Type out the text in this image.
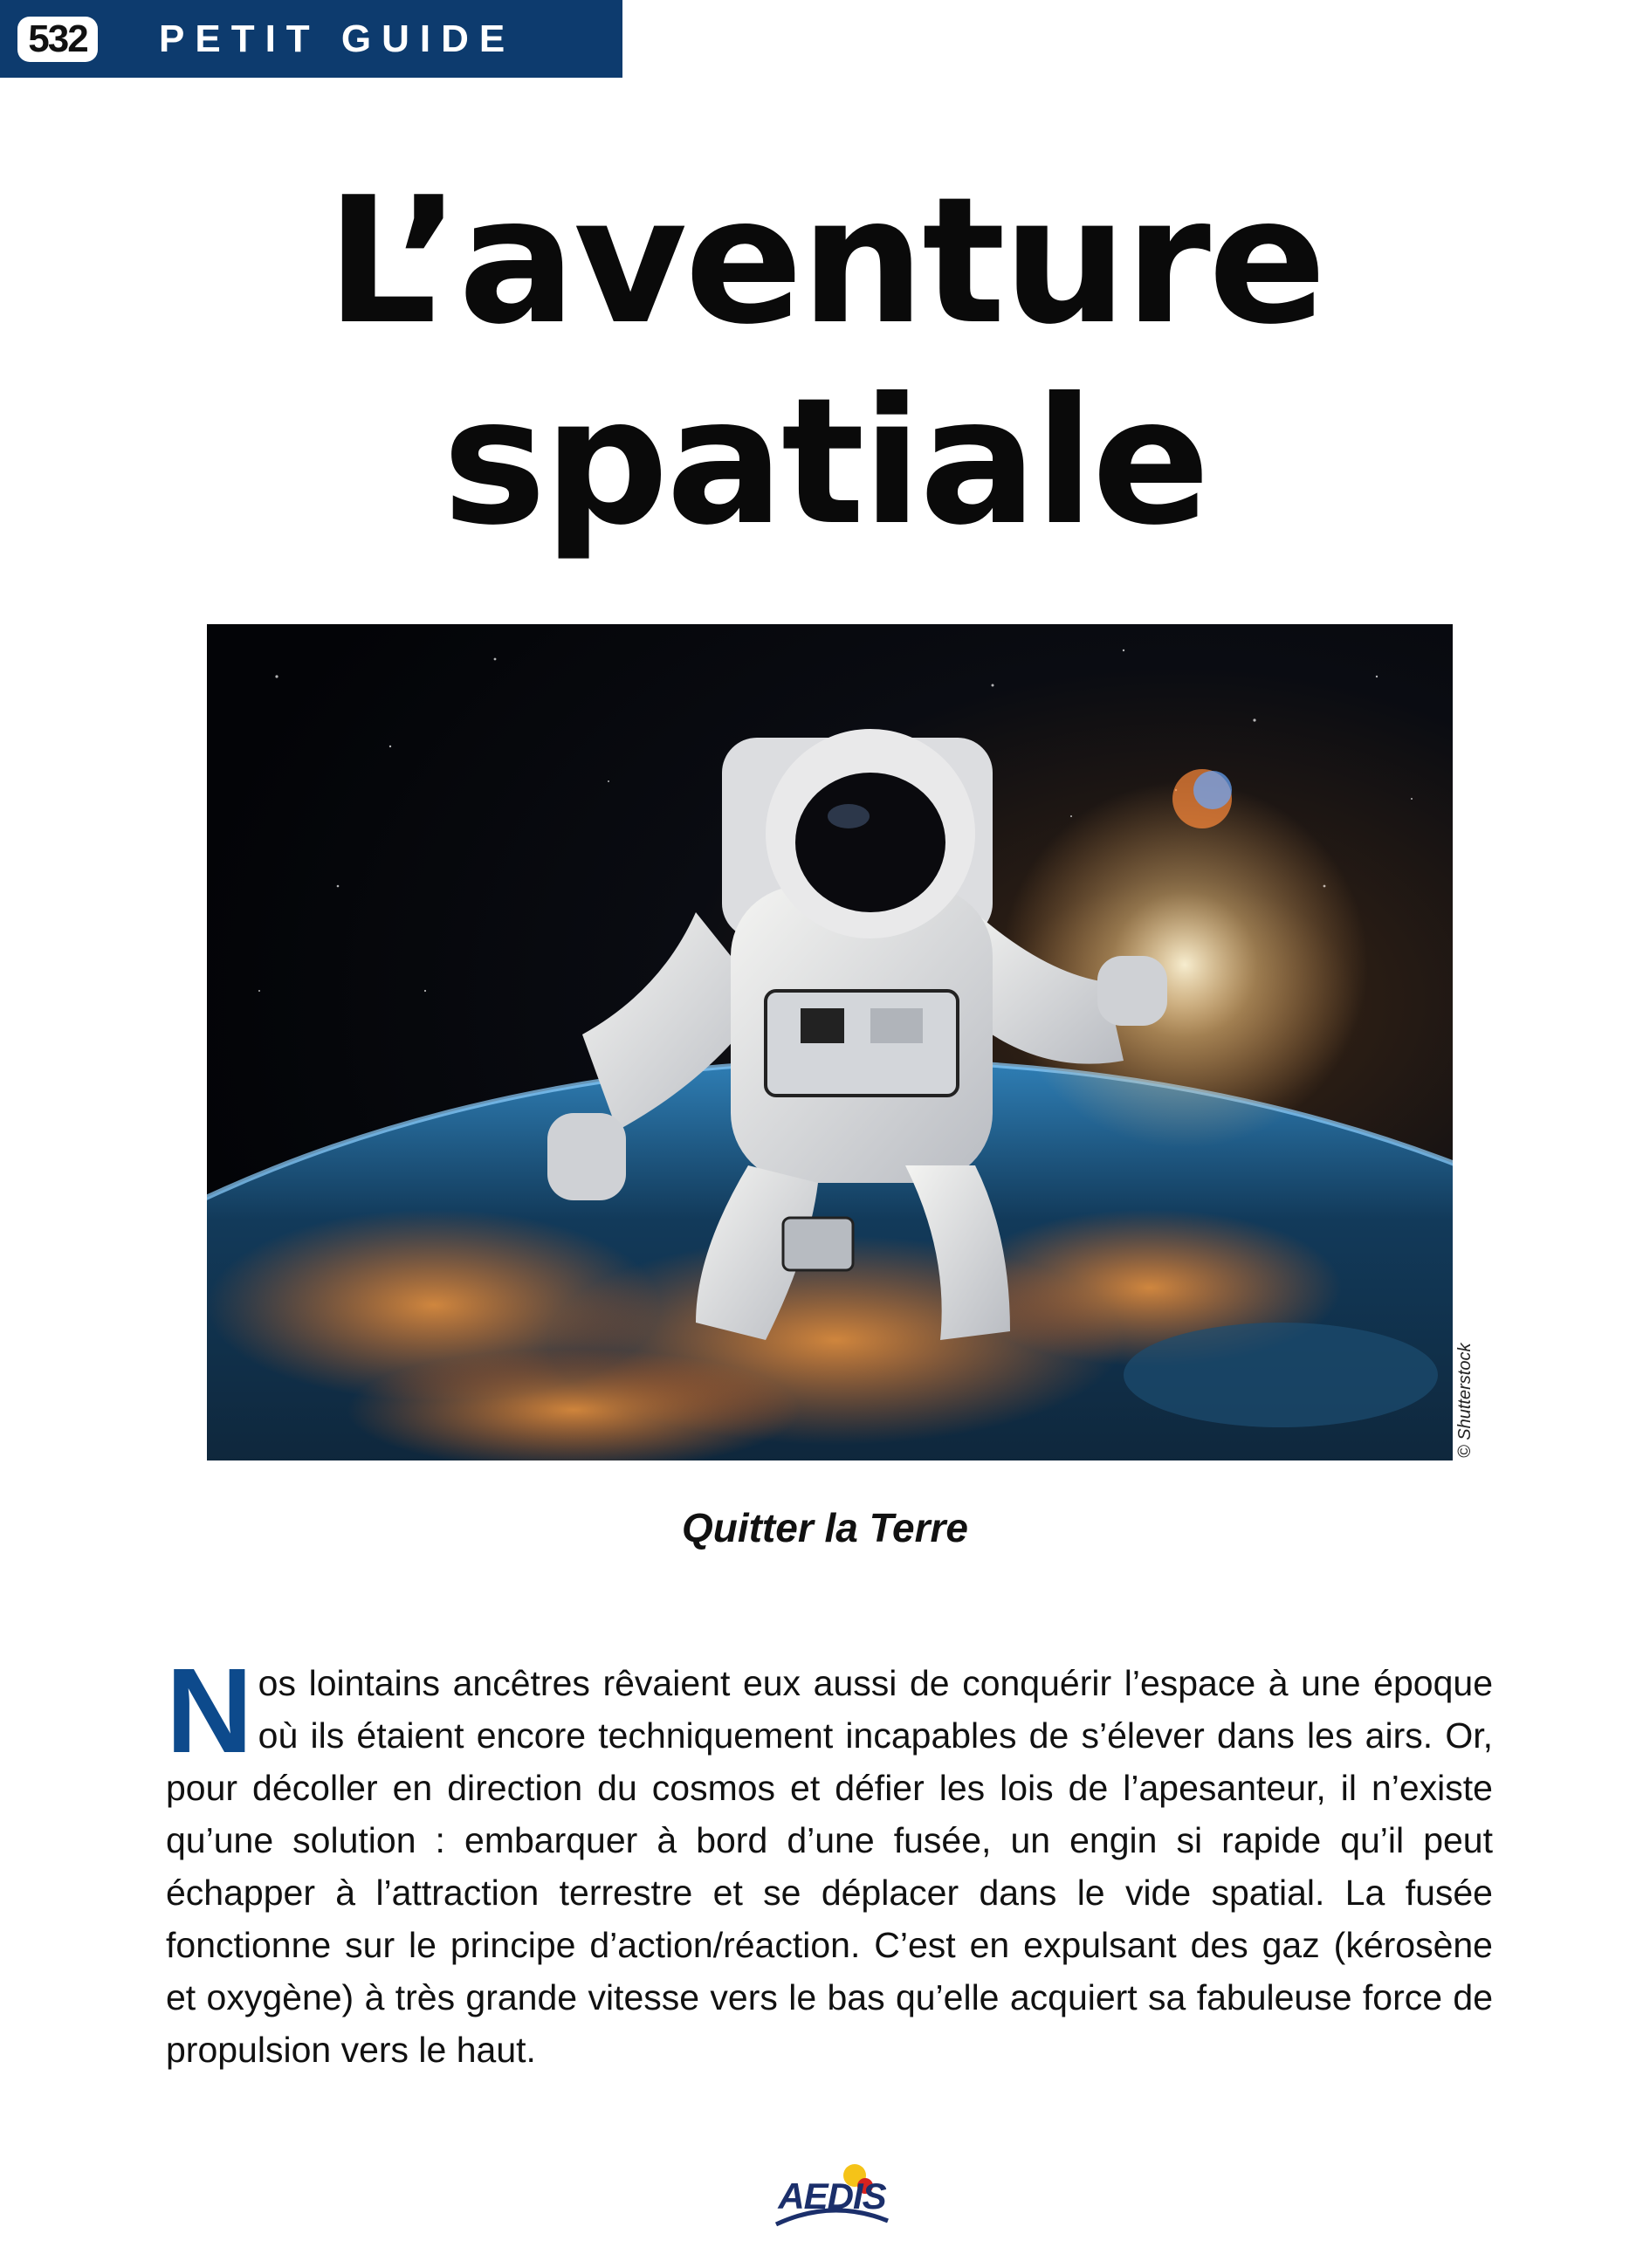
532 PETIT GUIDE
L’aventure
spatiale
© Shutterstock
Quitter la Terre

Nos lointains ancêtres rêvaient eux aussi de conquérir l’espace à une époque où ils étaient encore techniquement incapables de s’élever dans les airs. Or, pour décoller en direction du cosmos et défier les lois de l’apesanteur, il n’existe qu’une solution : embarquer à bord d’une fusée, un engin si rapide qu’il peut échapper à l’attraction terrestre et se déplacer dans le vide spatial. La fusée fonctionne sur le principe d’action/réaction. C’est en expulsant des gaz (kérosène et oxygène) à très grande vitesse vers le bas qu’elle acquiert sa fabuleuse force de propulsion vers le haut.

AEDIS
